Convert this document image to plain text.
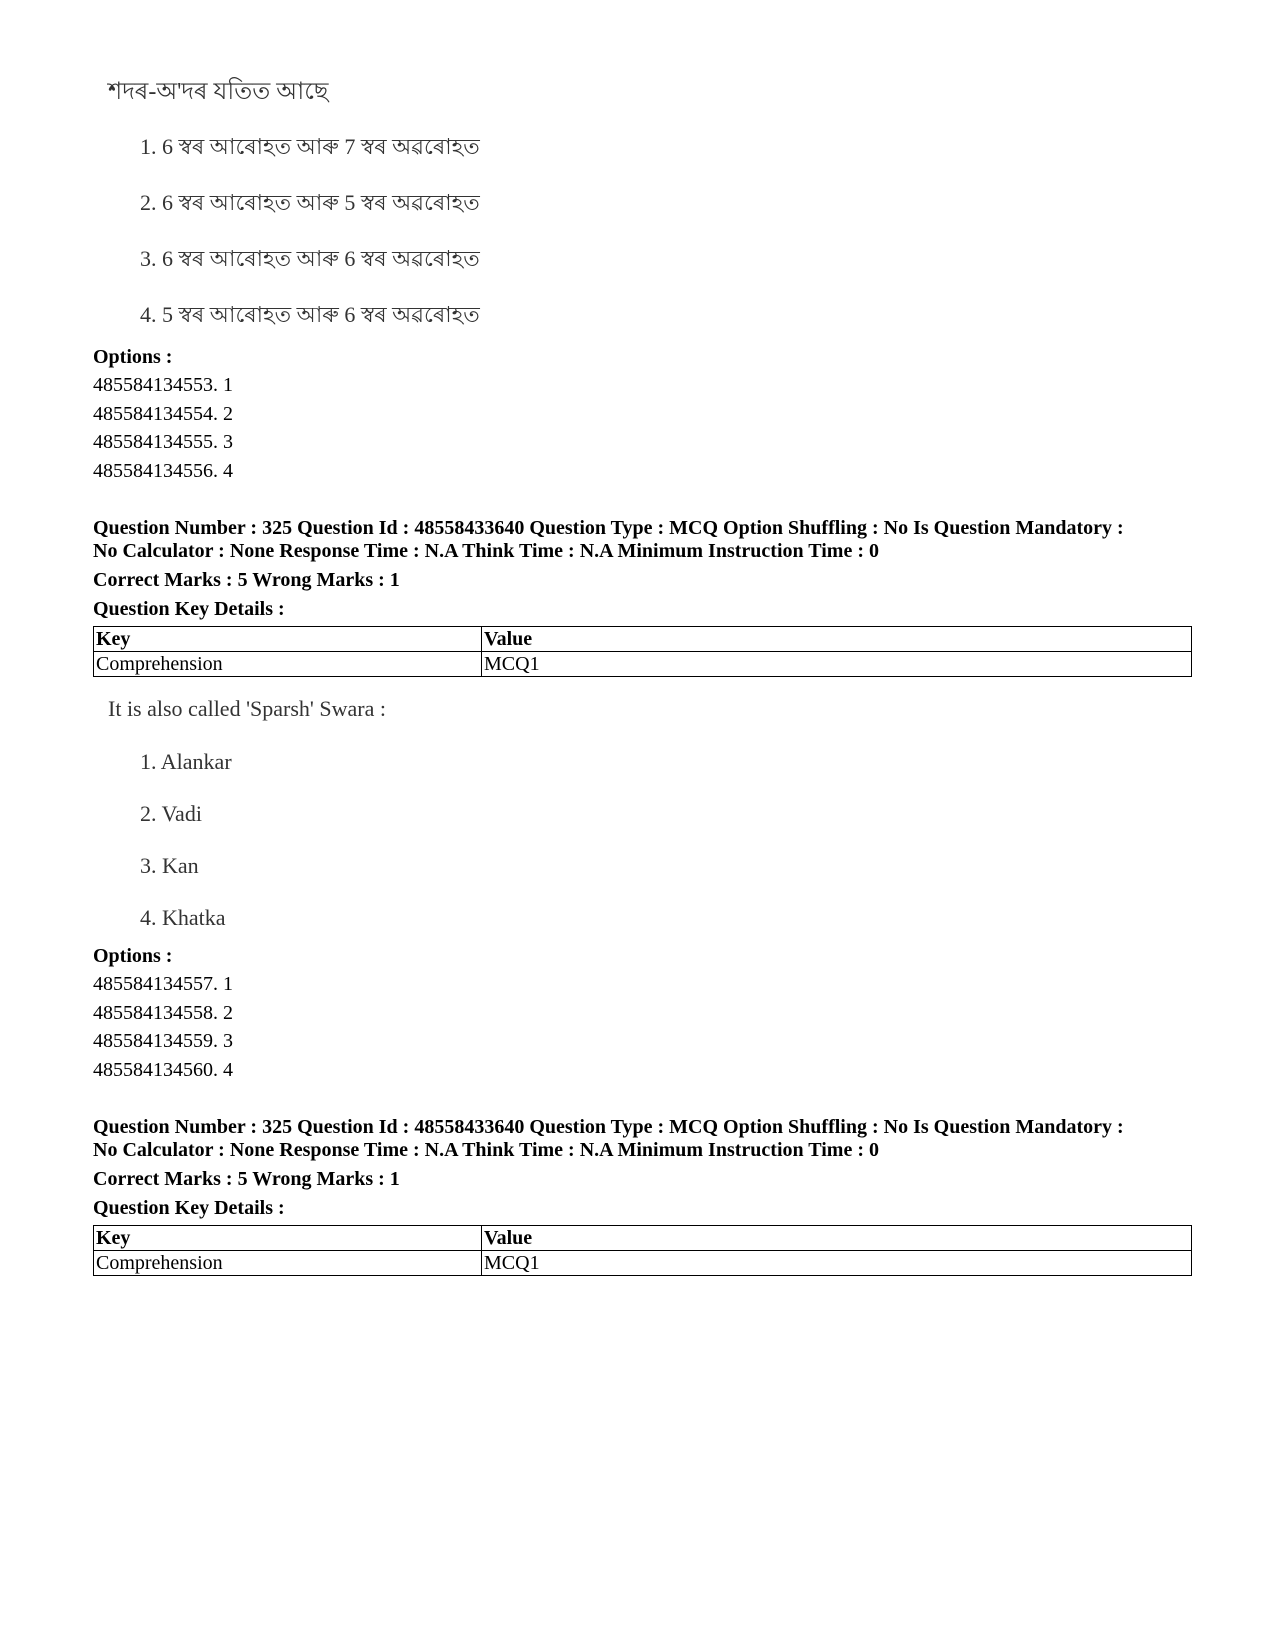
শদৰ-অ'দৰ যতিত আছে
1. 6 স্বৰ আৰোহত আৰু 7 স্বৰ অৱৰোহত
2. 6 স্বৰ আৰোহত আৰু 5 স্বৰ অৱৰোহত
3. 6 স্বৰ আৰোহত আৰু 6 স্বৰ অৱৰোহত
4. 5 স্বৰ আৰোহত আৰু 6 স্বৰ অৱৰোহত
Options :
485584134553. 1
485584134554. 2
485584134555. 3
485584134556. 4
Question Number : 325 Question Id : 48558433640 Question Type : MCQ Option Shuffling : No Is Question Mandatory :
No Calculator : None Response Time : N.A Think Time : N.A Minimum Instruction Time : 0
Correct Marks : 5 Wrong Marks : 1
Question Key Details :
Key	Value
Comprehension	MCQ1
It is also called 'Sparsh' Swara :
1. Alankar
2. Vadi
3. Kan
4. Khatka
Options :
485584134557. 1
485584134558. 2
485584134559. 3
485584134560. 4
Question Number : 325 Question Id : 48558433640 Question Type : MCQ Option Shuffling : No Is Question Mandatory :
No Calculator : None Response Time : N.A Think Time : N.A Minimum Instruction Time : 0
Correct Marks : 5 Wrong Marks : 1
Question Key Details :
Key	Value
Comprehension	MCQ1
